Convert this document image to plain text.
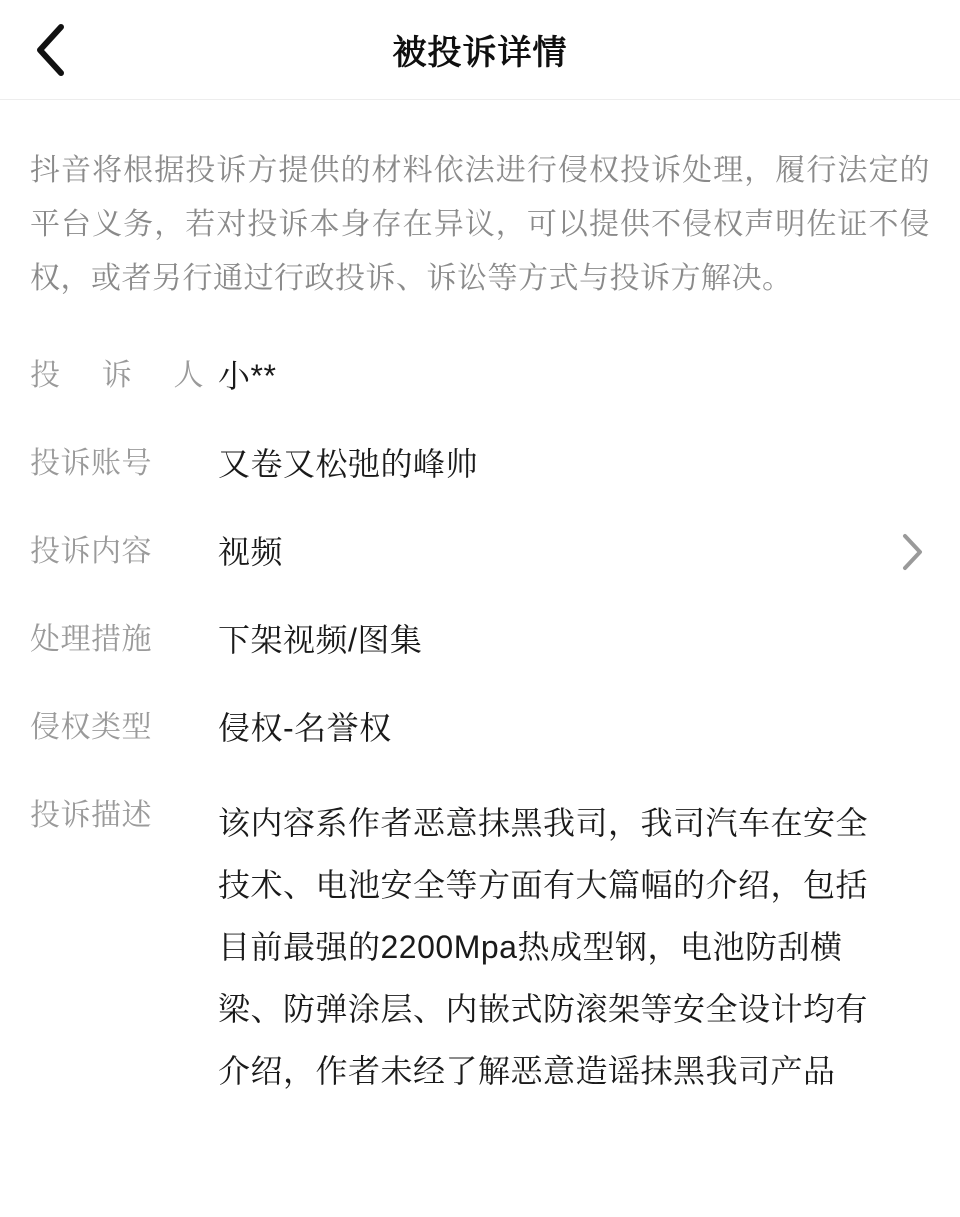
被投诉详情
抖音将根据投诉方提供的材料依法进行侵权投诉处理，履行法定的平台义务，若对投诉本身存在异议，可以提供不侵权声明佐证不侵权，或者另行通过行政投诉、诉讼等方式与投诉方解决。
投诉人 小**
投诉账号	又卷又松弛的峰帅
投诉内容	视频
处理措施	下架视频/图集
侵权类型	侵权-名誉权
投诉描述	该内容系作者恶意抹黑我司，我司汽车在安全技术、电池安全等方面有大篇幅的介绍，包括目前最强的2200Mpa热成型钢，电池防刮横梁、防弹涂层、内嵌式防滚架等安全设计均有介绍，作者未经了解恶意造谣抹黑我司产品
